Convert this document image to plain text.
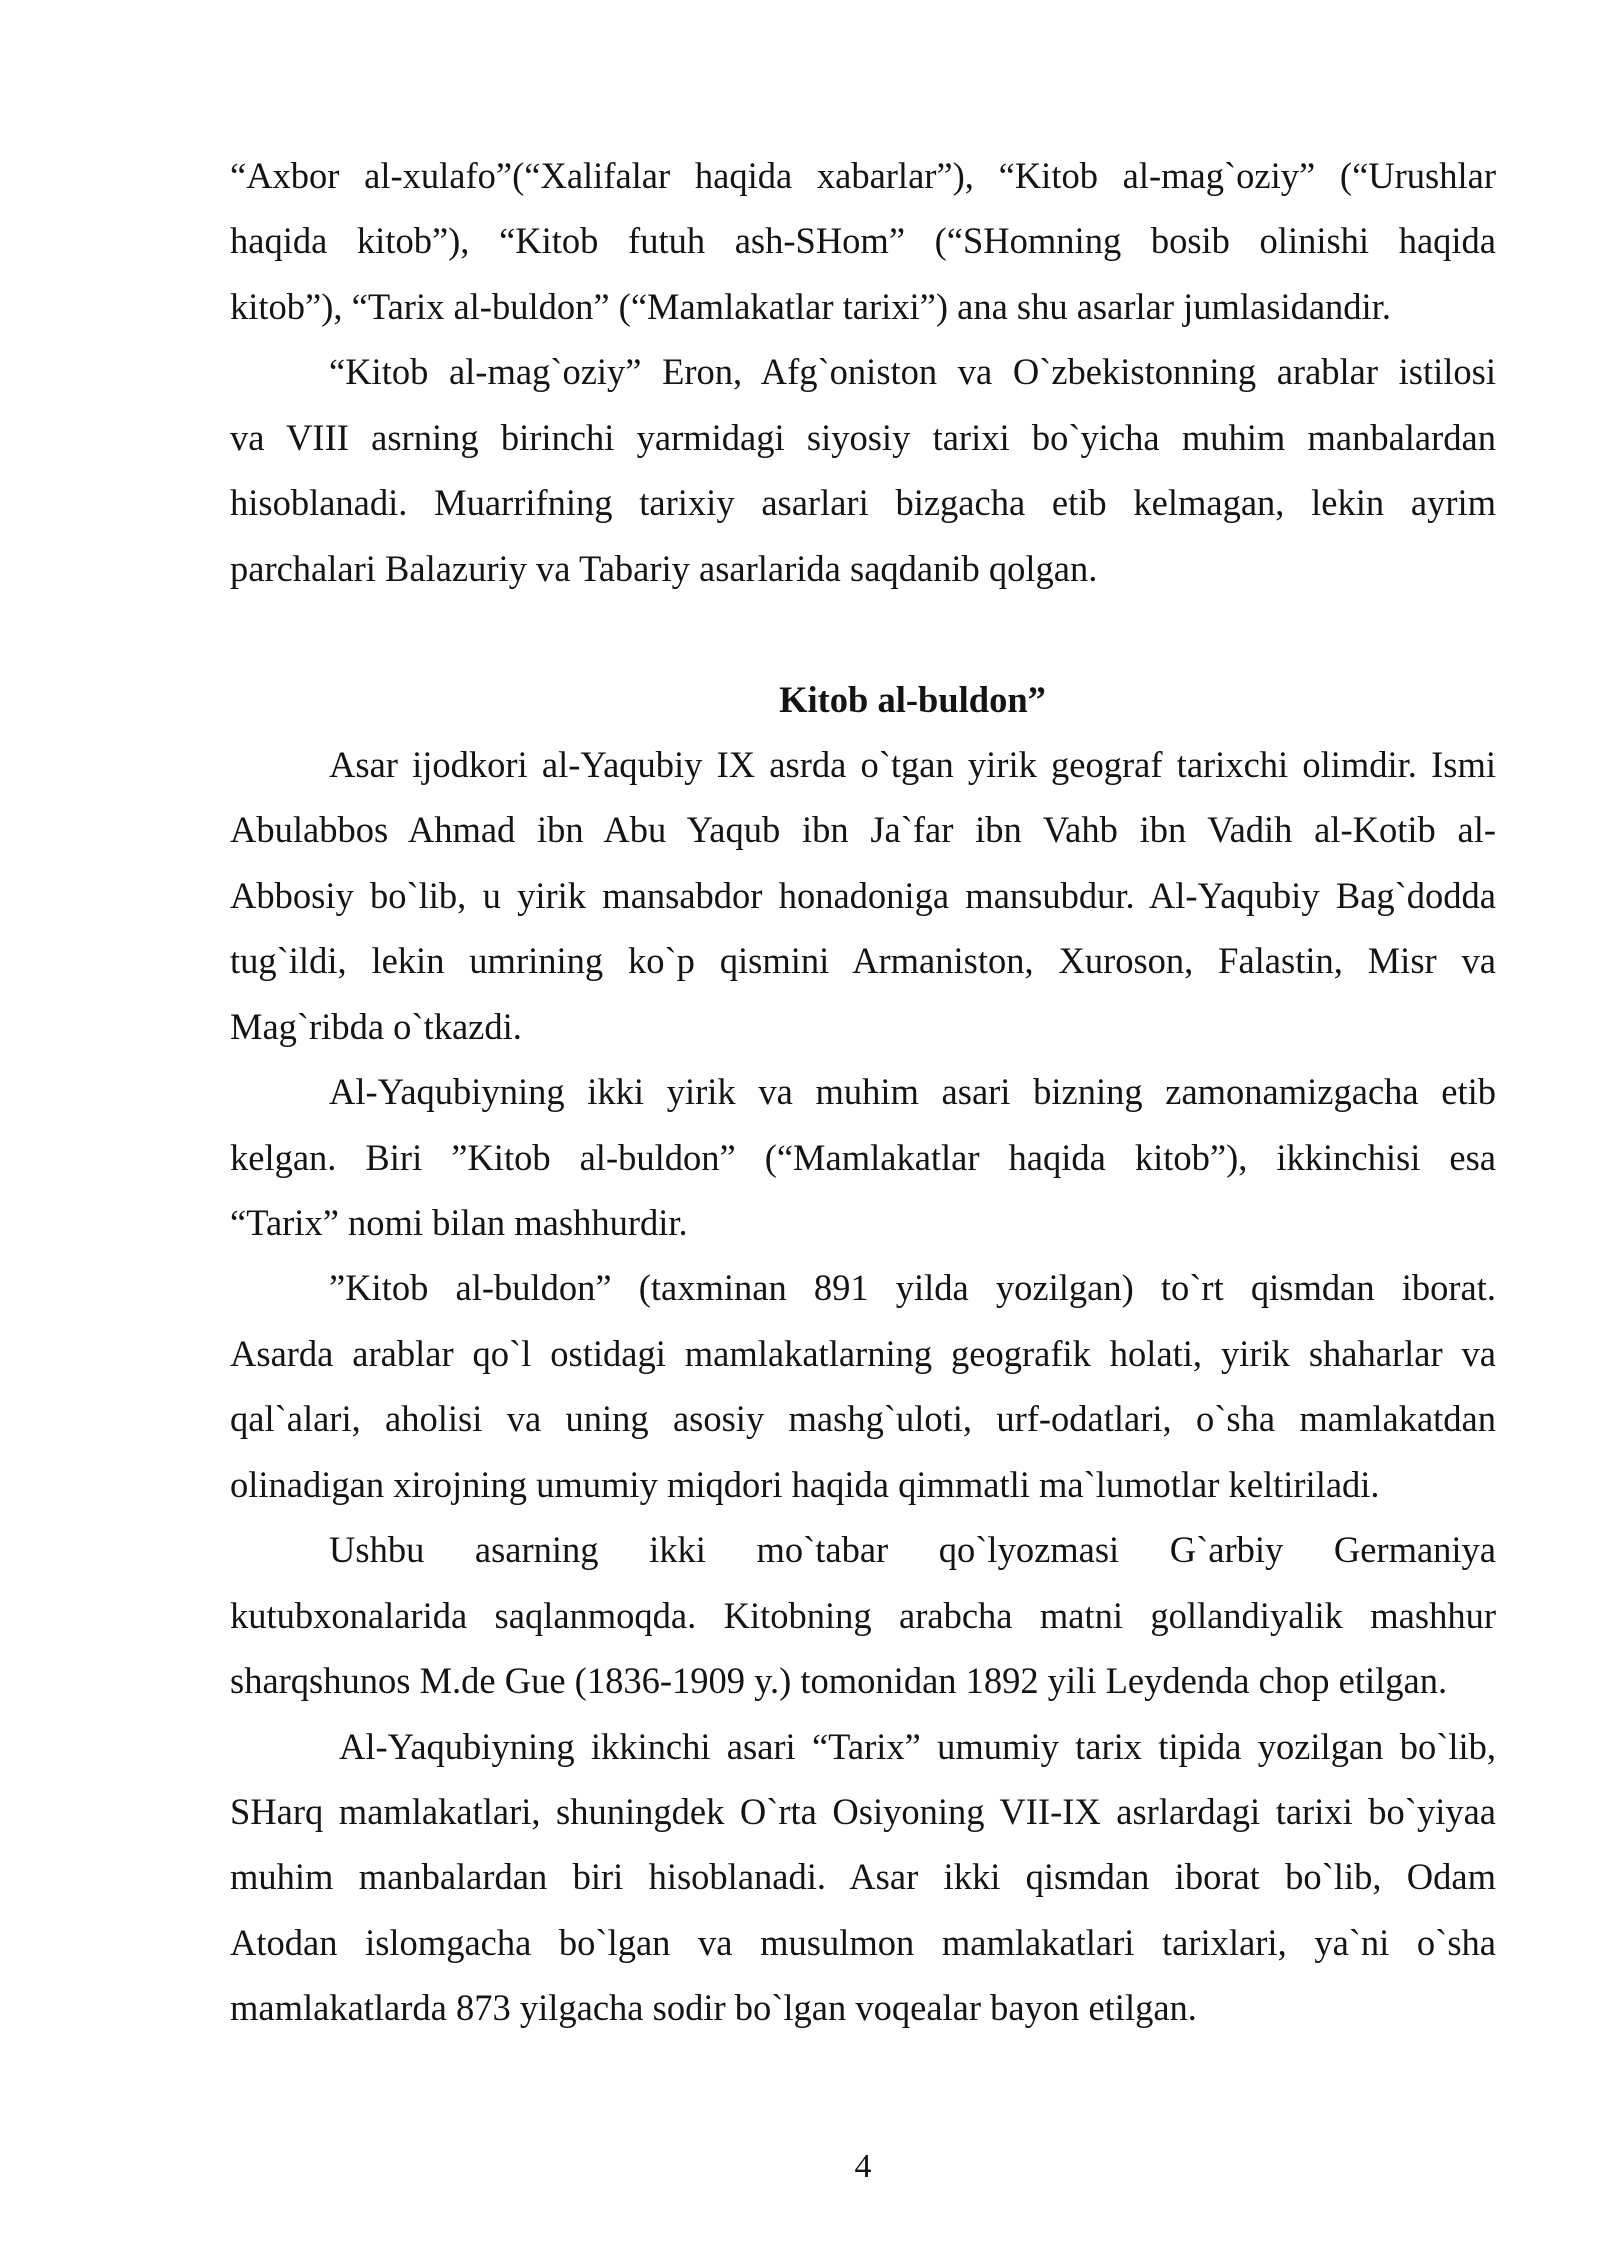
“Axbor al-xulafo”(“Xalifalar haqida xabarlar”), “Kitob al-mag`oziy” (“Urushlar
haqida kitob”), “Kitob futuh ash-SHom” (“SHomning bosib olinishi haqida
kitob”), “Tarix al-buldon” (“Mamlakatlar tarixi”) ana shu asarlar jumlasidandir.
“Kitob al-mag`oziy” Eron, Afg`oniston va O`zbekistonning arablar istilosi
va VIII asrning birinchi yarmidagi siyosiy tarixi bo`yicha muhim manbalardan
hisoblanadi. Muarrifning tarixiy asarlari bizgacha etib kelmagan, lekin ayrim
parchalari Balazuriy va Tabariy asarlarida saqdanib qolgan.
Kitob al-buldon”
Asar ijodkori al-Yaqubiy IX asrda o`tgan yirik geograf tarixchi olimdir. Ismi
Abulabbos Ahmad ibn Abu Yaqub ibn Ja`far ibn Vahb ibn Vadih al-Kotib al-
Abbosiy bo`lib, u yirik mansabdor honadoniga mansubdur. Al-Yaqubiy Bag`dodda
tug`ildi, lekin umrining ko`p qismini Armaniston, Xuroson, Falastin, Misr va
Mag`ribda o`tkazdi.
Al-Yaqubiyning ikki yirik va muhim asari bizning zamonamizgacha etib
kelgan. Biri ”Kitob al-buldon” (“Mamlakatlar haqida kitob”), ikkinchisi esa
“Tarix” nomi bilan mashhurdir.
”Kitob al-buldon” (taxminan 891 yilda yozilgan) to`rt qismdan iborat.
Asarda arablar qo`l ostidagi mamlakatlarning geografik holati, yirik shaharlar va
qal`alari, aholisi va uning asosiy mashg`uloti, urf-odatlari, o`sha mamlakatdan
olinadigan xirojning umumiy miqdori haqida qimmatli ma`lumotlar keltiriladi.
Ushbu asarning ikki mo`tabar qo`lyozmasi G`arbiy Germaniya
kutubxonalarida saqlanmoqda. Kitobning arabcha matni gollandiyalik mashhur
sharqshunos M.de Gue (1836-1909 y.) tomonidan 1892 yili Leydenda chop etilgan.
Al-Yaqubiyning ikkinchi asari “Tarix” umumiy tarix tipida yozilgan bo`lib,
SHarq mamlakatlari, shuningdek O`rta Osiyoning VII-IX asrlardagi tarixi bo`yiyaa
muhim manbalardan biri hisoblanadi. Asar ikki qismdan iborat bo`lib, Odam
Atodan islomgacha bo`lgan va musulmon mamlakatlari tarixlari, ya`ni o`sha
mamlakatlarda 873 yilgacha sodir bo`lgan voqealar bayon etilgan.
4
